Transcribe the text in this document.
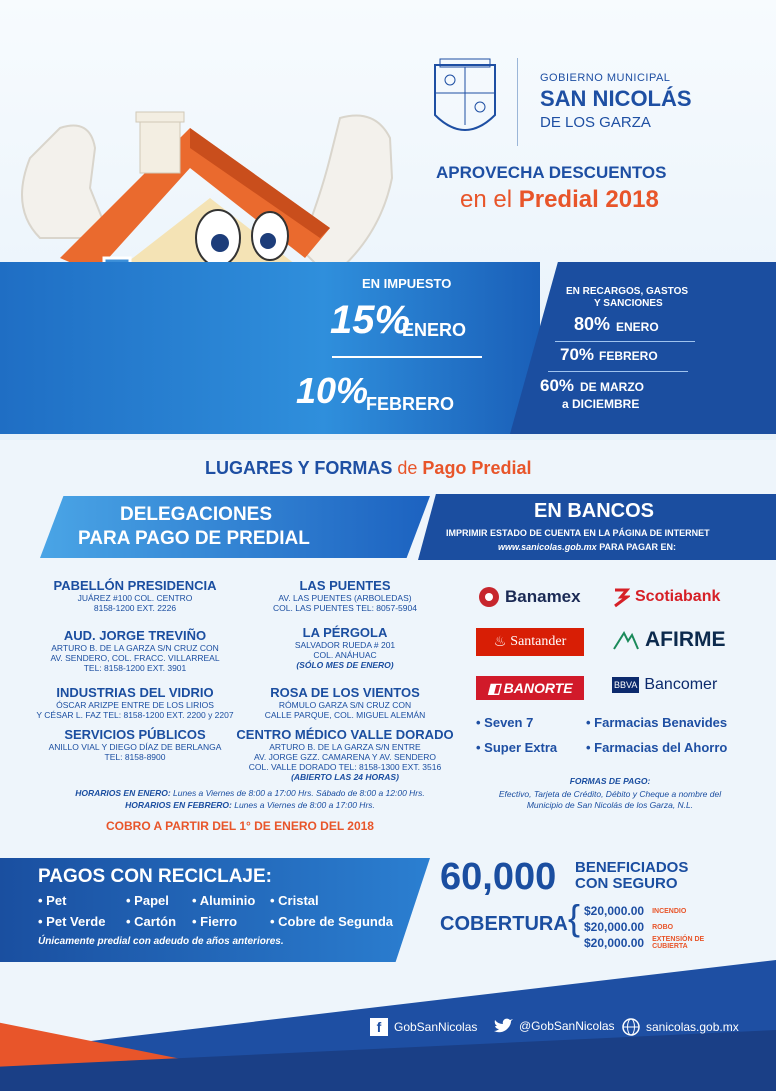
GOBIERNO MUNICIPAL
SAN NICOLÁS
DE LOS GARZA
APROVECHA DESCUENTOS
en el Predial 2018
EN IMPUESTO
15%
ENERO
10%
FEBRERO
EN RECARGOS, GASTOS
Y SANCIONES
80% ENERO
70% FEBRERO
60% DE MARZO
a DICIEMBRE
LUGARES Y FORMAS de Pago Predial
DELEGACIONES
PARA PAGO DE PREDIAL
EN BANCOS
IMPRIMIR ESTADO DE CUENTA EN LA PÁGINA DE INTERNET
www.sanicolas.gob.mx PARA PAGAR EN:
PABELLÓN PRESIDENCIA
JUÁREZ #100 COL. CENTRO
8158-1200 EXT. 2226
AUD. JORGE TREVIÑO
ARTURO B. DE LA GARZA S/N CRUZ CON
AV. SENDERO, COL. FRACC. VILLARREAL
TEL: 8158-1200 EXT. 3901
INDUSTRIAS DEL VIDRIO
ÓSCAR ARIZPE ENTRE DE LOS LIRIOS
Y CÉSAR L. FAZ TEL: 8158-1200 EXT. 2200 y 2207
SERVICIOS PÚBLICOS
ANILLO VIAL Y DIEGO DÍAZ DE BERLANGA
TEL: 8158-8900
LAS PUENTES
AV. LAS PUENTES (ARBOLEDAS)
COL. LAS PUENTES TEL: 8057-5904
LA PÉRGOLA
SALVADOR RUEDA # 201
COL. ANÁHUAC
(SÓLO MES DE ENERO)
ROSA DE LOS VIENTOS
RÓMULO GARZA S/N CRUZ CON
CALLE PARQUE, COL. MIGUEL ALEMÁN
CENTRO MÉDICO VALLE DORADO
ARTURO B. DE LA GARZA S/N ENTRE
AV. JORGE GZZ. CAMARENA Y AV. SENDERO
COL. VALLE DORADO TEL: 8158-1300 EXT. 3516
(ABIERTO LAS 24 HORAS)
HORARIOS EN ENERO: Lunes a Viernes de 8:00 a 17:00 Hrs. Sábado de 8:00 a 12:00 Hrs.
HORARIOS EN FEBRERO: Lunes a Viernes de 8:00 a 17:00 Hrs.
COBRO A PARTIR DEL 1° DE ENERO DEL 2018
Banamex	Scotiabank
♨ Santander	AFIRME
◧ BANORTE	BBVA Bancomer
• Seven 7	• Farmacias Benavides
• Super Extra • Farmacias del Ahorro
FORMAS DE PAGO:
Efectivo, Tarjeta de Crédito, Débito y Cheque a nombre del
Municipio de San Nicolás de los Garza, N.L.
PAGOS CON RECICLAJE:
• Pet
• Pet Verde
• Papel
• Cartón
• Aluminio
• Fierro
• Cristal
• Cobre de Segunda
Únicamente predial con adeudo de años anteriores.
60,000 BENEFICIADOS
CON SEGURO
COBERTURA { $20,000.00 INCENDIO
$20,000.00 ROBO
$20,000.00 EXTENSIÓN DE CUBIERTA
f	GobSanNicolas	@GobSanNicolas	sanicolas.gob.mx
